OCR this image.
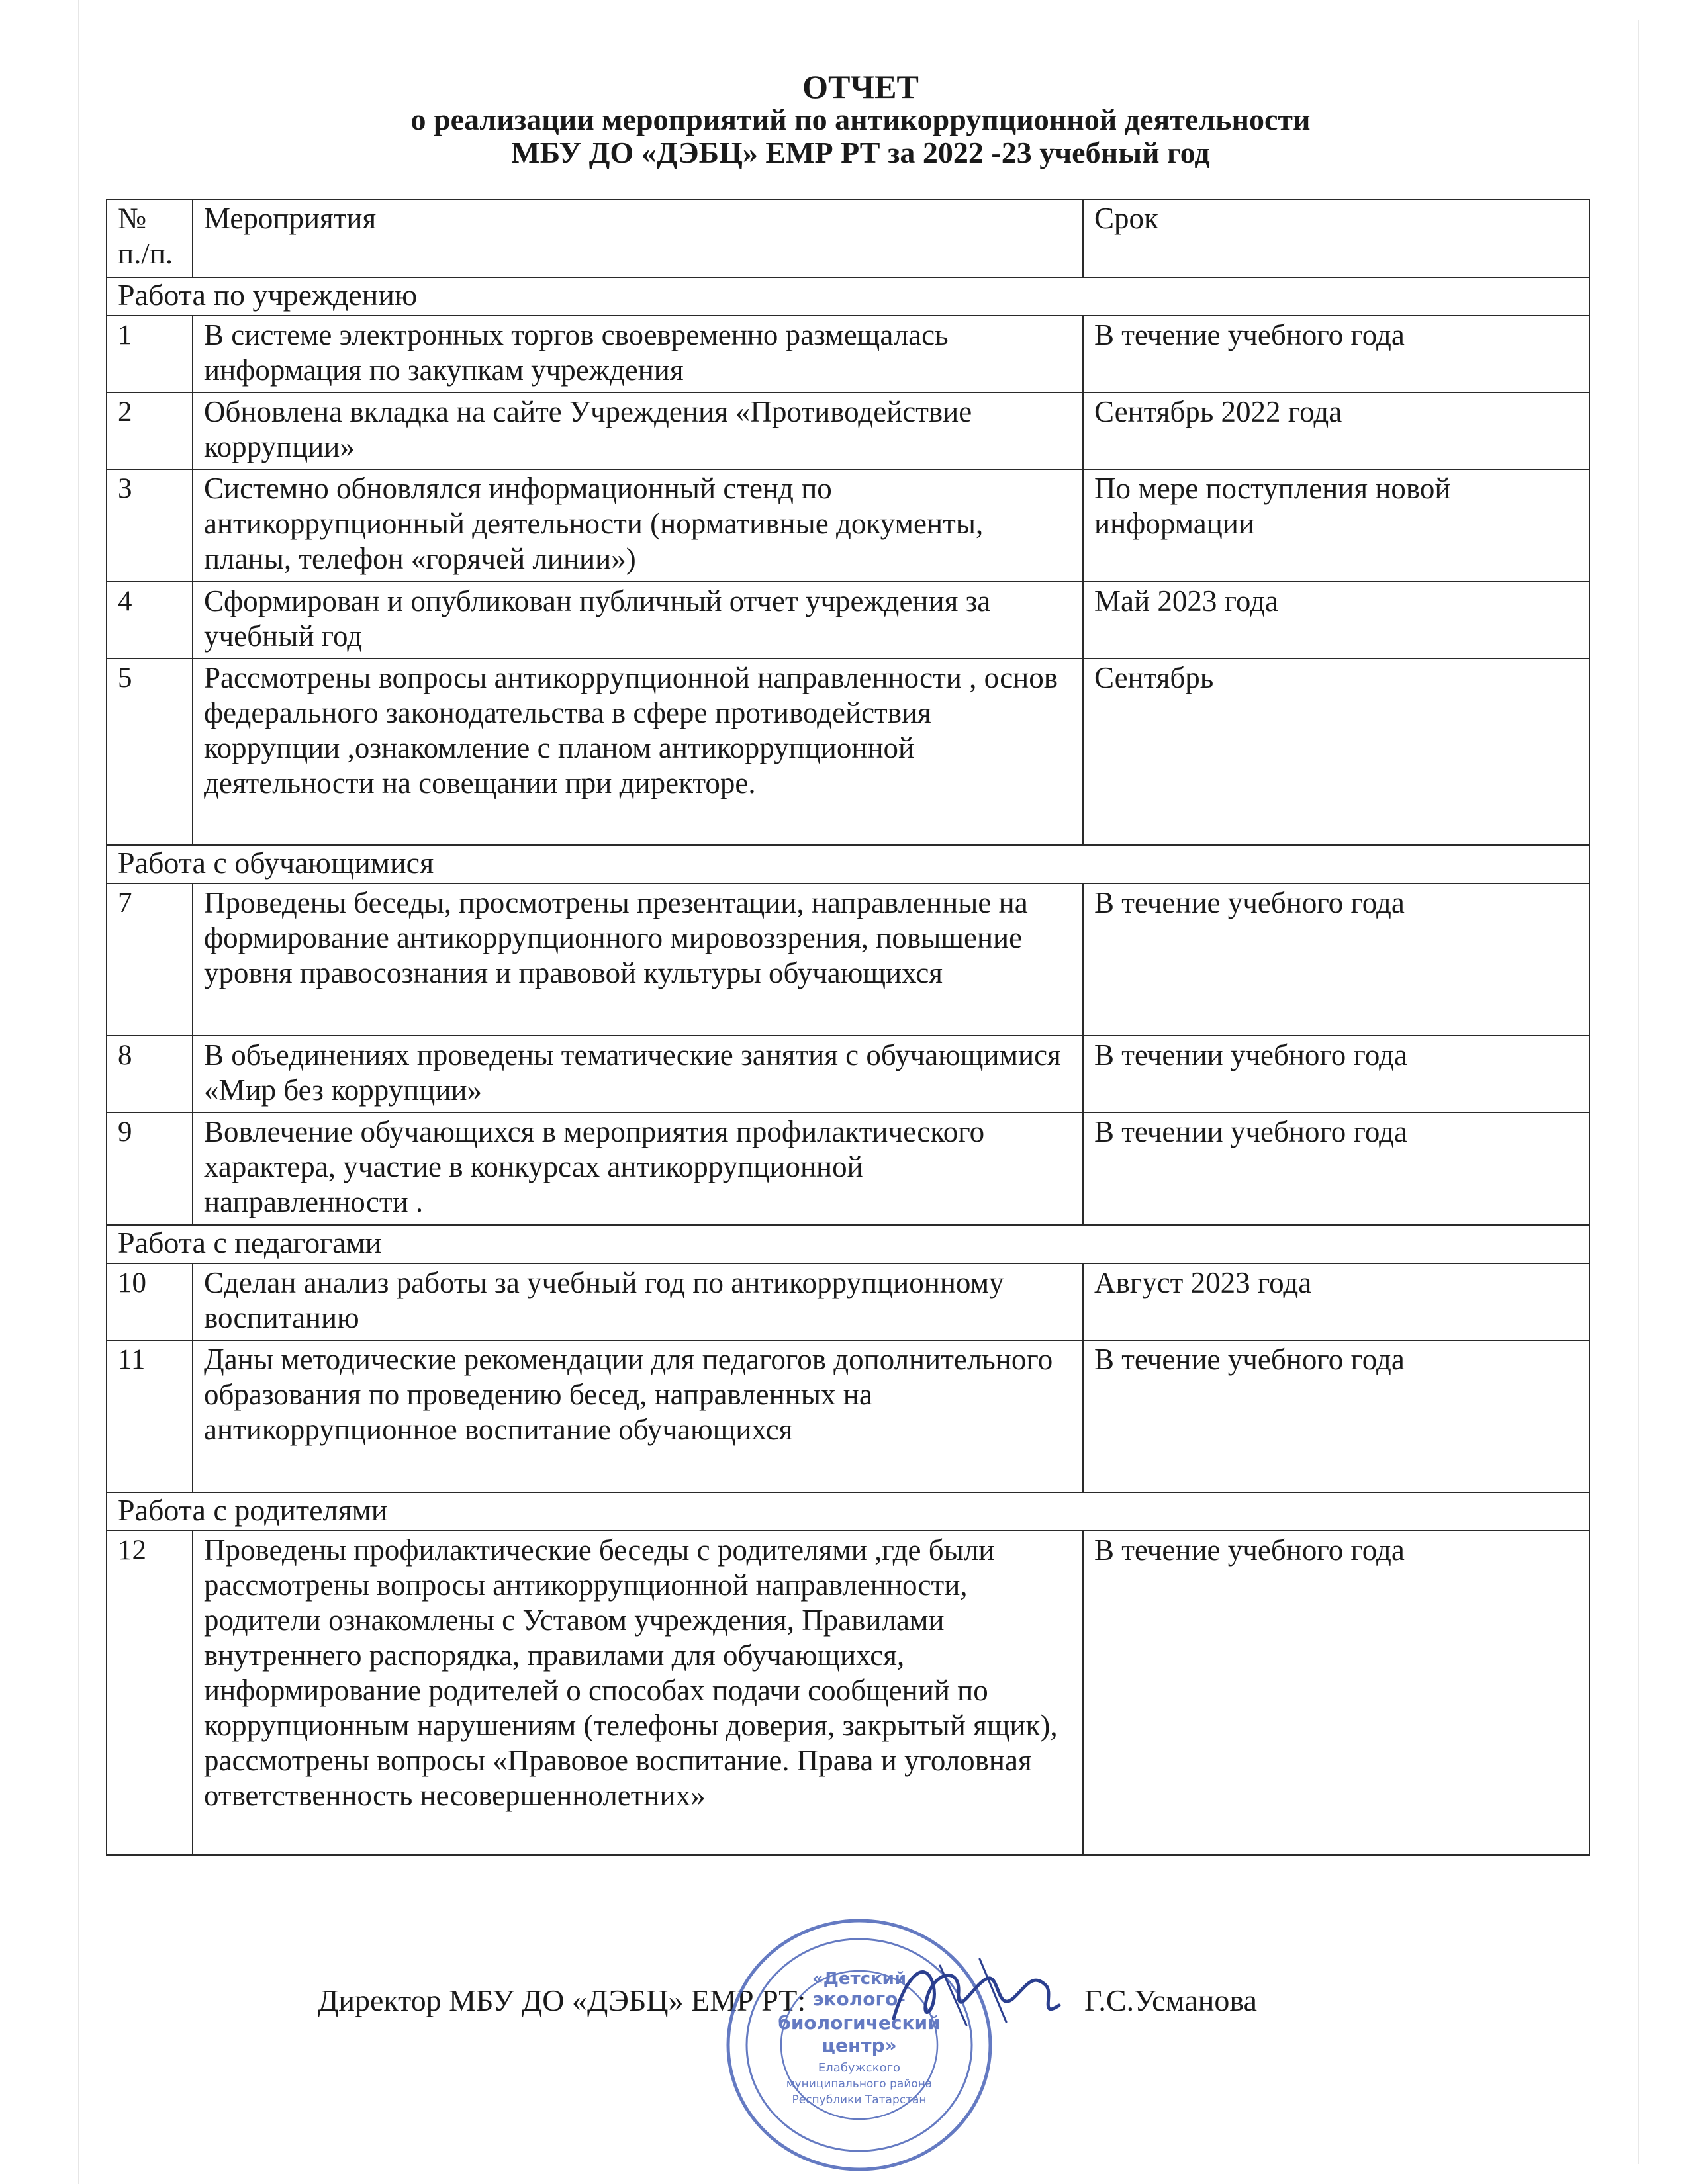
ОТЧЕТ
о реализации мероприятий по антикоррупционной деятельности
МБУ ДО «ДЭБЦ» ЕМР РТ за 2022 -23 учебный год
№ п./п.	Мероприятия	Срок
Работа по учреждению		
1	В системе электронных торгов своевременно размещалась информация по закупкам учреждения	В течение учебного года
2	Обновлена вкладка на сайте Учреждения «Противодействие коррупции»	Сентябрь 2022 года
3	Системно обновлялся информационный стенд по антикоррупционный деятельности (нормативные документы, планы, телефон «горячей линии»)	По мере поступления новой информации
4	Сформирован и опубликован публичный отчет учреждения за учебный год	Май 2023 года
5	Рассмотрены вопросы антикоррупционной направленности , основ федерального законодательства в сфере противодействия коррупции ,ознакомление с планом антикоррупционной деятельности на совещании при директоре.	Сентябрь
Работа с обучающимися		
7	Проведены беседы, просмотрены презентации, направленные на формирование антикоррупционного мировоззрения, повышение уровня правосознания и правовой культуры обучающихся	В течение учебного года
8	В объединениях проведены тематические занятия с обучающимися «Мир без коррупции»	В течении учебного года
9	Вовлечение обучающихся в мероприятия профилактического характера, участие в конкурсах антикоррупционной направленности .	В течении учебного года
Работа с педагогами		
10	Сделан анализ работы за учебный год по антикоррупционному воспитанию	Август 2023 года
11	Даны методические рекомендации для педагогов дополнительного образования по проведению бесед, направленных на антикоррупционное воспитание обучающихся	В течение учебного года
Работа с родителями		
12	Проведены профилактические беседы с родителями ,где были рассмотрены вопросы антикоррупционной направленности, родители ознакомлены с Уставом учреждения, Правилами внутреннего распорядка, правилами для обучающихся, информирование родителей о способах подачи сообщений по коррупционным нарушениям (телефоны доверия, закрытый ящик), рассмотрены вопросы «Правовое воспитание. Права и уголовная ответственность несовершеннолетних»	В течение учебного года
Директор МБУ ДО «ДЭБЦ» ЕМР РТ:	Г.С.Усманова
«Детский
эколого-
биологический
центр»
Елабужского
муниципального района
Республики Татарстан
